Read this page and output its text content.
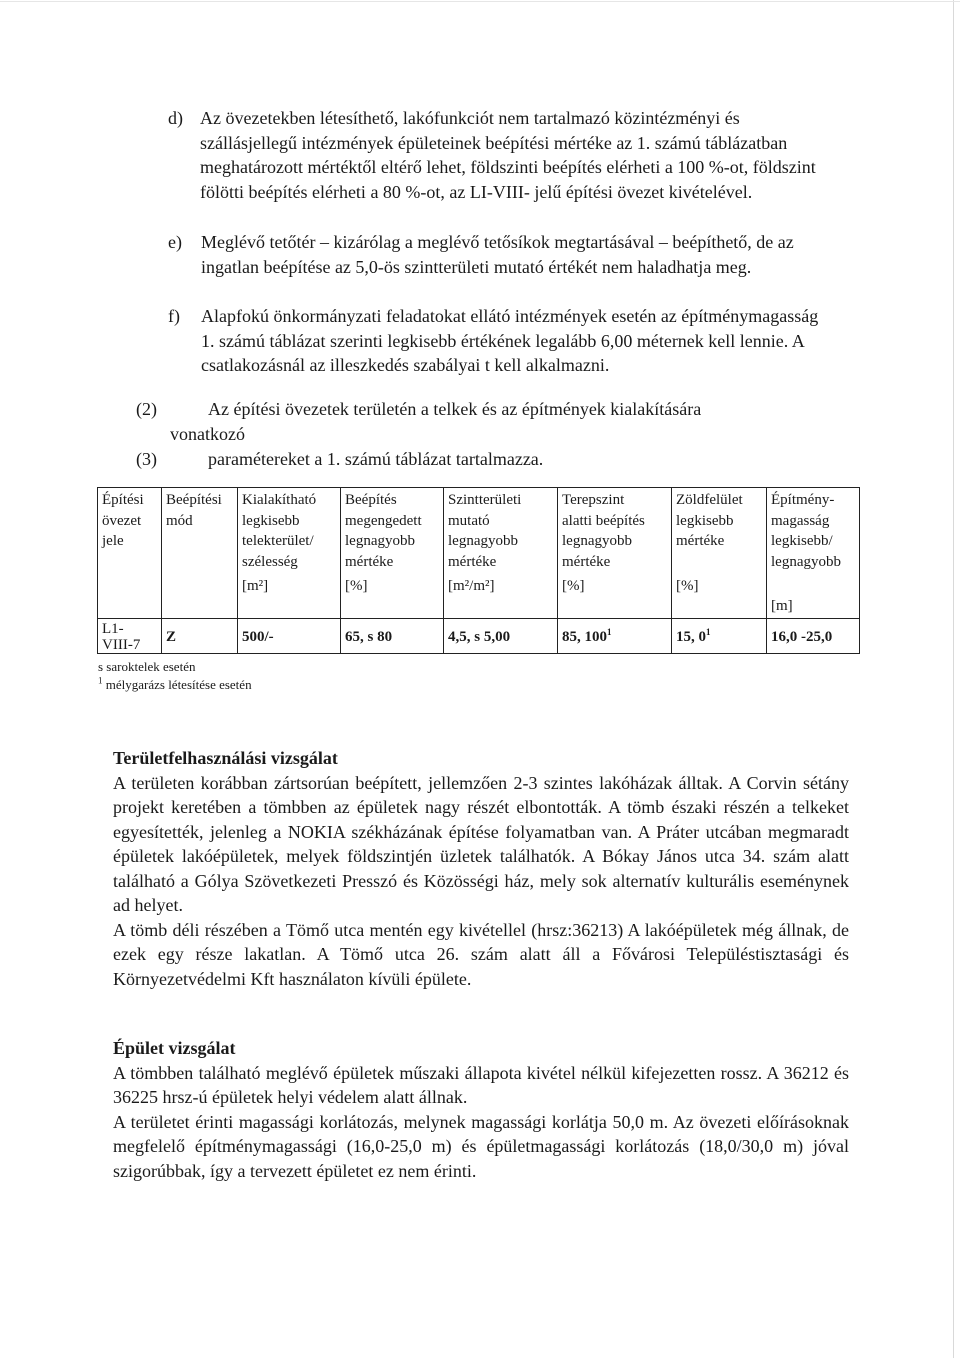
d) Az övezetekben létesíthető, lakófunkciót nem tartalmazó közintézményi és szállásjellegű intézmények épületeinek beépítési mértéke az 1. számú táblázatban meghatározott mértéktől eltérő lehet, földszinti beépítés elérheti a 100 %-ot, földszint fölötti beépítés elérheti a 80 %-ot, az LI-VIII- jelű építési övezet kivételével.
e) Meglévő tetőtér – kizárólag a meglévő tetősíkok megtartásával – beépíthető, de az ingatlan beépítése az 5,0-ös szintterületi mutató értékét nem haladhatja meg.
f) Alapfokú önkormányzati feladatokat ellátó intézmények esetén az építménymagasság 1. számú táblázat szerinti legkisebb értékének legalább 6,00 méternek kell lennie. A csatlakozásnál az illeszkedés szabályai t kell alkalmazni.
(2)	Az építési övezetek területén a telkek és az építmények kialakítására
vonatkozó
(3)	paramétereket a 1. számú táblázat tartalmazza.
Építési
övezet
jele	Beépítési
mód	Kialakítható
legkisebb
telekterület/
szélesség
[m²]	Beépítés
megengedett
legnagyobb
mértéke
[%]	Szintterületi
mutató
legnagyobb
mértéke
[m²/m²]	Terepszint
alatti beépítés
legnagyobb
mértéke
[%]	Zöldfelület
legkisebb
mértéke
[%]	Építmény-
magasság
legkisebb/
legnagyobb
[m]

L1-
VIII-7	Z	500/-	65, s 80	4,5, s 5,00	85, $100^1$	15, $0^1$	16,0 -25,0
s saroktelek esetén
$^1$ mélygarázs létesítése esetén
Területfelhasználási vizsgálat

A területen korábban zártsorúan beépített, jellemzően 2-3 szintes lakóházak álltak. A Corvin sétány projekt keretében a tömbben az épületek nagy részét elbontották. A tömb északi részén a telkeket egyesítették, jelenleg a NOKIA székházának építése folyamatban van. A Práter utcában megmaradt épületek lakóépületek, melyek földszintjén üzletek találhatók. A Bókay János utca 34. szám alatt található a Gólya Szövetkezeti Presszó és Közösségi ház, mely sok alternatív kulturális eseménynek ad helyet.

A tömb déli részében a Tömő utca mentén egy kivétellel (hrsz:36213) A lakóépületek még állnak, de ezek egy része lakatlan. A Tömő utca 26. szám alatt áll a Fővárosi Településtisztasági és Környezetvédelmi Kft használaton kívüli épülete.

Épület vizsgálat

A tömbben található meglévő épületek műszaki állapota kivétel nélkül kifejezetten rossz. A 36212 és 36225 hrsz-ú épületek helyi védelem alatt állnak.

A területet érinti magassági korlátozás, melynek magassági korlátja 50,0 m. Az övezeti előírásoknak megfelelő építménymagassági (16,0-25,0 m) és épületmagassági korlátozás (18,0/30,0 m) jóval szigorúbbak, így a tervezett épületet ez nem érinti.
